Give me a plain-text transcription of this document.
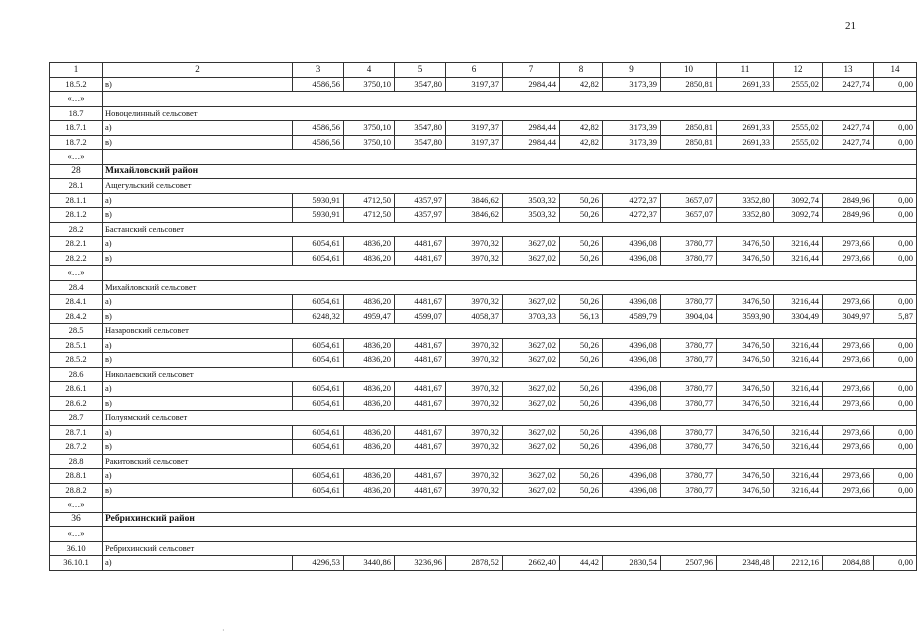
21
1	2	3	4	5	6	7	8	9	10	11	12	13	14
18.5.2	в)	4586,56	3750,10	3547,80	3197,37	2984,44	42,82	3173,39	2850,81	2691,33	2555,02	2427,74	0,00
«…»													
18.7	Новоцелинный сельсовет												
18.7.1	а)	4586,56	3750,10	3547,80	3197,37	2984,44	42,82	3173,39	2850,81	2691,33	2555,02	2427,74	0,00
18.7.2	в)	4586,56	3750,10	3547,80	3197,37	2984,44	42,82	3173,39	2850,81	2691,33	2555,02	2427,74	0,00
«…»													
28	Михайловский район												
28.1	Ащегульский сельсовет												
28.1.1	а)	5930,91	4712,50	4357,97	3846,62	3503,32	50,26	4272,37	3657,07	3352,80	3092,74	2849,96	0,00
28.1.2	в)	5930,91	4712,50	4357,97	3846,62	3503,32	50,26	4272,37	3657,07	3352,80	3092,74	2849,96	0,00
28.2	Бастанский сельсовет												
28.2.1	а)	6054,61	4836,20	4481,67	3970,32	3627,02	50,26	4396,08	3780,77	3476,50	3216,44	2973,66	0,00
28.2.2	в)	6054,61	4836,20	4481,67	3970,32	3627,02	50,26	4396,08	3780,77	3476,50	3216,44	2973,66	0,00
«…»													
28.4	Михайловский сельсовет												
28.4.1	а)	6054,61	4836,20	4481,67	3970,32	3627,02	50,26	4396,08	3780,77	3476,50	3216,44	2973,66	0,00
28.4.2	в)	6248,32	4959,47	4599,07	4058,37	3703,33	56,13	4589,79	3904,04	3593,90	3304,49	3049,97	5,87
28.5	Назаровский сельсовет												
28.5.1	а)	6054,61	4836,20	4481,67	3970,32	3627,02	50,26	4396,08	3780,77	3476,50	3216,44	2973,66	0,00
28.5.2	в)	6054,61	4836,20	4481,67	3970,32	3627,02	50,26	4396,08	3780,77	3476,50	3216,44	2973,66	0,00
28.6	Николаевский сельсовет												
28.6.1	а)	6054,61	4836,20	4481,67	3970,32	3627,02	50,26	4396,08	3780,77	3476,50	3216,44	2973,66	0,00
28.6.2	в)	6054,61	4836,20	4481,67	3970,32	3627,02	50,26	4396,08	3780,77	3476,50	3216,44	2973,66	0,00
28.7	Полуямский сельсовет												
28.7.1	а)	6054,61	4836,20	4481,67	3970,32	3627,02	50,26	4396,08	3780,77	3476,50	3216,44	2973,66	0,00
28.7.2	в)	6054,61	4836,20	4481,67	3970,32	3627,02	50,26	4396,08	3780,77	3476,50	3216,44	2973,66	0,00
28.8	Ракитовский сельсовет												
28.8.1	а)	6054,61	4836,20	4481,67	3970,32	3627,02	50,26	4396,08	3780,77	3476,50	3216,44	2973,66	0,00
28.8.2	в)	6054,61	4836,20	4481,67	3970,32	3627,02	50,26	4396,08	3780,77	3476,50	3216,44	2973,66	0,00
«…»													
36	Ребрихинский район												
«…»													
36.10	Ребрихинский сельсовет												
36.10.1	а)	4296,53	3440,86	3236,96	2878,52	2662,40	44,42	2830,54	2507,96	2348,48	2212,16	2084,88	0,00
·
